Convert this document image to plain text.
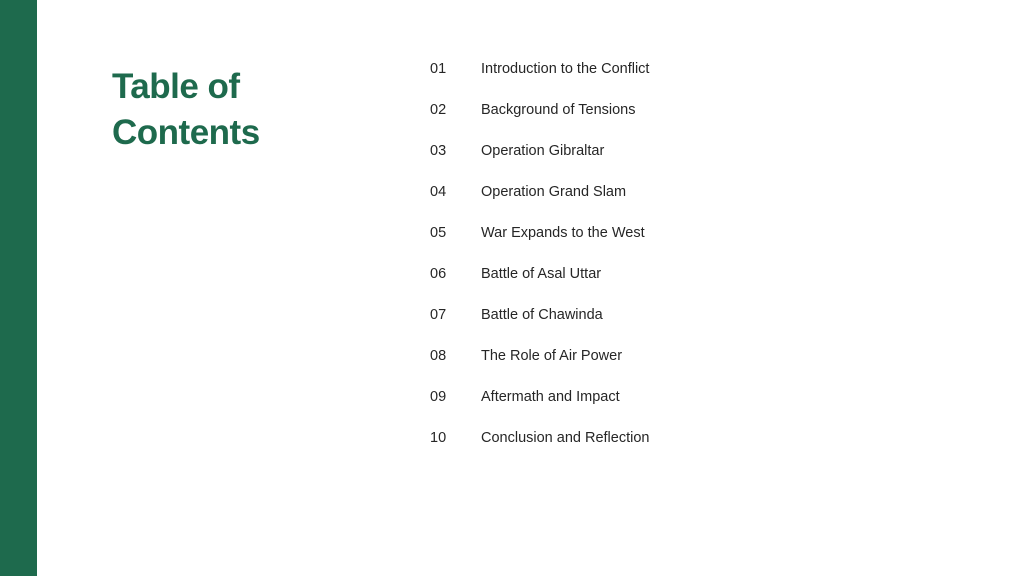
Table of Contents
01	Introduction to the Conflict
02	Background of Tensions
03	Operation Gibraltar
04	Operation Grand Slam
05	War Expands to the West
06	Battle of Asal Uttar
07	Battle of Chawinda
08	The Role of Air Power
09	Aftermath and Impact
10	Conclusion and Reflection
